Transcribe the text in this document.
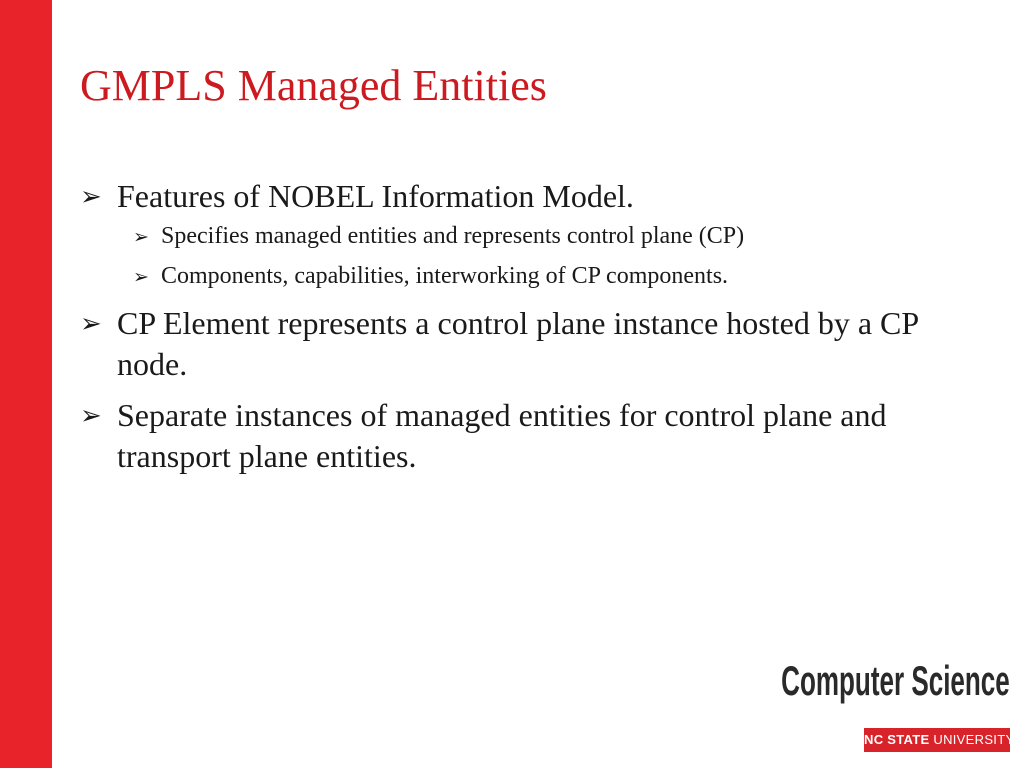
GMPLS Managed Entities
➢ Features of NOBEL Information Model.
➢ Specifies managed entities and represents control plane (CP)
➢ Components, capabilities, interworking of CP components.
➢ CP Element represents a control plane instance hosted by a CP node.
➢ Separate instances of managed entities for control plane and transport plane entities.
Computer Science
NC STATE UNIVERSITY
